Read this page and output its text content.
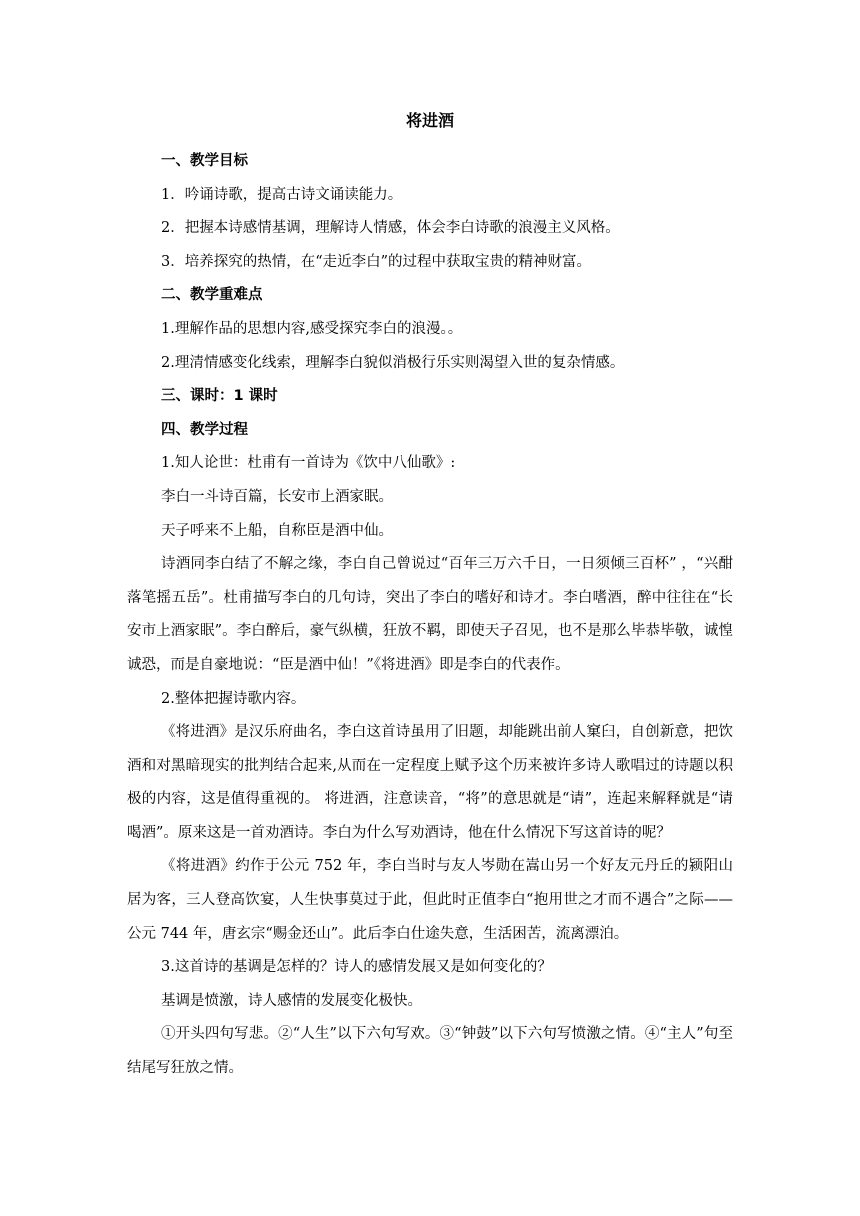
将进酒
一、教学目标

1．吟诵诗歌，提高古诗文诵读能力。

2．把握本诗感情基调，理解诗人情感，体会李白诗歌的浪漫主义风格。

3．培养探究的热情，在“走近李白”的过程中获取宝贵的精神财富。

二、教学重难点

1.理解作品的思想内容,感受探究李白的浪漫。。

2.理清情感变化线索，理解李白貌似消极行乐实则渴望入世的复杂情感。

三、课时：1 课时
四、教学过程

1.知人论世：杜甫有一首诗为《饮中八仙歌》:

李白一斗诗百篇，长安市上酒家眠。

天子呼来不上船，自称臣是酒中仙。

诗酒同李白结了不解之缘，李白自己曾说过“百年三万六千日，一日须倾三百杯” ，“兴酣落笔摇五岳”。杜甫描写李白的几句诗，突出了李白的嗜好和诗才。李白嗜酒，醉中往往在“长安市上酒家眠”。李白醉后，豪气纵横，狂放不羁，即使天子召见，也不是那么毕恭毕敬，诚惶诚恐，而是自豪地说：“臣是酒中仙！”《将进酒》即是李白的代表作。

2.整体把握诗歌内容。

《将进酒》是汉乐府曲名，李白这首诗虽用了旧题，却能跳出前人窠臼，自创新意，把饮酒和对黑暗现实的批判结合起来,从而在一定程度上赋予这个历来被许多诗人歌唱过的诗题以积极的内容，这是值得重视的。 将进酒，注意读音，“将”的意思就是“请”，连起来解释就是“请喝酒”。原来这是一首劝酒诗。李白为什么写劝酒诗，他在什么情况下写这首诗的呢？

《将进酒》约作于公元 752 年，李白当时与友人岑勋在嵩山另一个好友元丹丘的颍阳山居为客，三人登高饮宴，人生快事莫过于此，但此时正值李白“抱用世之才而不遇合”之际——公元 744 年，唐玄宗“赐金还山”。此后李白仕途失意，生活困苦，流离漂泊。

3.这首诗的基调是怎样的？诗人的感情发展又是如何变化的？

基调是愤激，诗人感情的发展变化极快。

①开头四句写悲。②“人生”以下六句写欢。③“钟鼓”以下六句写愤激之情。④“主人”句至结尾写狂放之情。
